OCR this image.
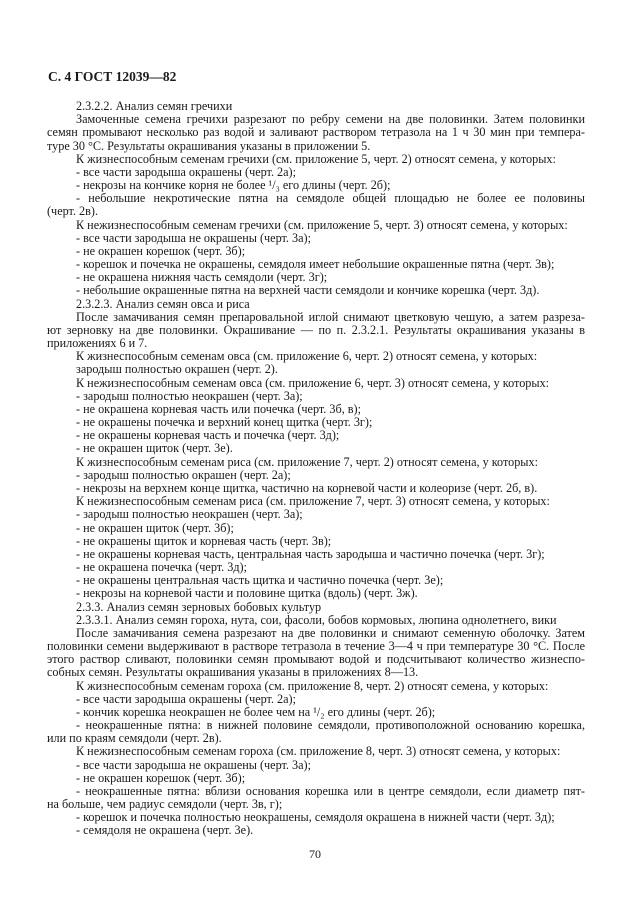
С. 4 ГОСТ 12039—82
2.3.2.2. Анализ семян гречихи
Замоченные семена гречихи разрезают по ребру семени на две половинки. Затем половинки
семян промывают несколько раз водой и заливают раствором тетразола на 1 ч 30 мин при темпера-
туре 30 °С. Результаты окрашивания указаны в приложении 5.
К жизнеспособным семенам гречихи (см. приложение 5, черт. 2) относят семена, у которых:
- все части зародыша окрашены (черт. 2а);
- некрозы на кончике корня не более ¹/₃ его длины (черт. 2б);
- небольшие некротические пятна на семядоле общей площадью не более ее половины
(черт. 2в).
К нежизнеспособным семенам гречихи (см. приложение 5, черт. 3) относят семена, у которых:
- все части зародыша не окрашены (черт. 3а);
- не окрашен корешок (черт. 3б);
- корешок и почечка не окрашены, семядоля имеет небольшие окрашенные пятна (черт. 3в);
- не окрашена нижняя часть семядоли (черт. 3г);
- небольшие окрашенные пятна на верхней части семядоли и кончике корешка (черт. 3д).
2.3.2.3. Анализ семян овса и риса
После замачивания семян препаровальной иглой снимают цветковую чешую, а затем разреза-
ют зерновку на две половинки. Окрашивание — по п. 2.3.2.1. Результаты окрашивания указаны в
приложениях 6 и 7.
К жизнеспособным семенам овса (см. приложение 6, черт. 2) относят семена, у которых:
зародыш полностью окрашен (черт. 2).
К нежизнеспособным семенам овса (см. приложение 6, черт. 3) относят семена, у которых:
- зародыш полностью неокрашен (черт. 3а);
- не окрашена корневая часть или почечка (черт. 3б, в);
- не окрашены почечка и верхний конец щитка (черт. 3г);
- не окрашены корневая часть и почечка (черт. 3д);
- не окрашен щиток (черт. 3е).
К жизнеспособным семенам риса (см. приложение 7, черт. 2) относят семена, у которых:
- зародыш полностью окрашен (черт. 2а);
- некрозы на верхнем конце щитка, частично на корневой части и колеоризе (черт. 2б, в).
К нежизнеспособным семенам риса (см. приложение 7, черт. 3) относят семена, у которых:
- зародыш полностью неокрашен (черт. 3а);
- не окрашен щиток (черт. 3б);
- не окрашены щиток и корневая часть (черт. 3в);
- не окрашены корневая часть, центральная часть зародыша и частично почечка (черт. 3г);
- не окрашена почечка (черт. 3д);
- не окрашены центральная часть щитка и частично почечка (черт. 3е);
- некрозы на корневой части и половине щитка (вдоль) (черт. 3ж).
2.3.3. Анализ семян зерновых бобовых культур
2.3.3.1. Анализ семян гороха, нута, сои, фасоли, бобов кормовых, люпина однолетнего, вики
После замачивания семена разрезают на две половинки и снимают семенную оболочку. Затем
половинки семени выдерживают в растворе тетразола в течение 3—4 ч при температуре 30 °С. После
этого раствор сливают, половинки семян промывают водой и подсчитывают количество жизнеспо-
собных семян. Результаты окрашивания указаны в приложениях 8—13.
К жизнеспособным семенам гороха (см. приложение 8, черт. 2) относят семена, у которых:
- все части зародыша окрашены (черт. 2а);
- кончик корешка неокрашен не более чем на ¹/₂ его длины (черт. 2б);
- неокрашенные пятна: в нижней половине семядоли, противоположной основанию корешка,
или по краям семядоли (черт. 2в).
К нежизнеспособным семенам гороха (см. приложение 8, черт. 3) относят семена, у которых:
- все части зародыша не окрашены (черт. 3а);
- не окрашен корешок (черт. 3б);
- неокрашенные пятна: вблизи основания корешка или в центре семядоли, если диаметр пят-
на больше, чем радиус семядоли (черт. 3в, г);
- корешок и почечка полностью неокрашены, семядоля окрашена в нижней части (черт. 3д);
- семядоля не окрашена (черт. 3е).
70
